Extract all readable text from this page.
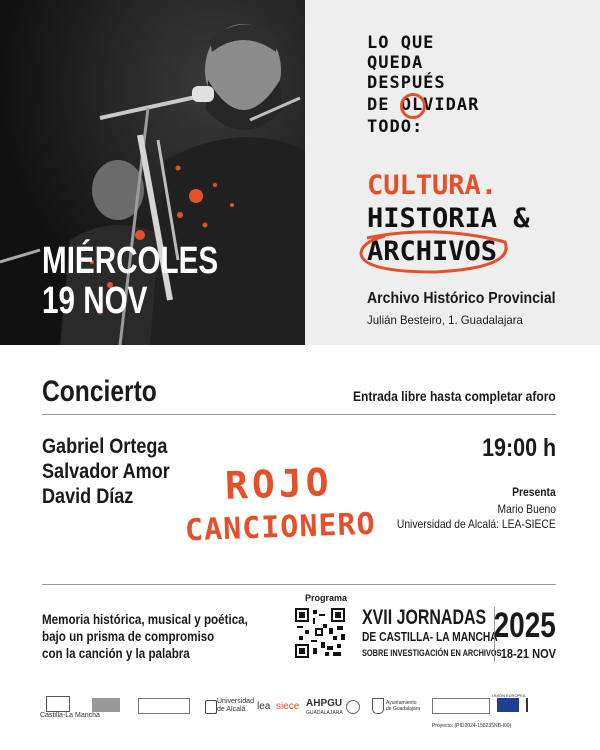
MIÉRCOLES
19 NOV
LO QUE
QUEDA
DESPUÉS
DE OLVIDAR
TODO:
CULTURA.
HISTORIA &
ARCHIVOS
Archivo Histórico Provincial
Julián Besteiro, 1. Guadalajara
Concierto	Entrada libre hasta completar aforo
Gabriel Ortega
Salvador Amor
David Díaz ROJO
CANCIONERO
19:00 h
Presenta
Mario Bueno
Universidad de Alcalá: LEA-SIECE
Memoria histórica, musical y poética,
bajo un prisma de compromiso
con la canción y la palabra
Programa
XVII JORNADAS
DE CASTILLA- LA MANCHA
SOBRE INVESTIGACIÓN EN ARCHIVOS
2025
18-21 NOV
Castilla-La Mancha
Universidad
de Alcalá lea siece AHPGU
GUADALAJARA
Ayuntamiento
de Guadalajara
UNIÓN EUROPEA
Proyecto: (PID2024-158235NB-I00)
